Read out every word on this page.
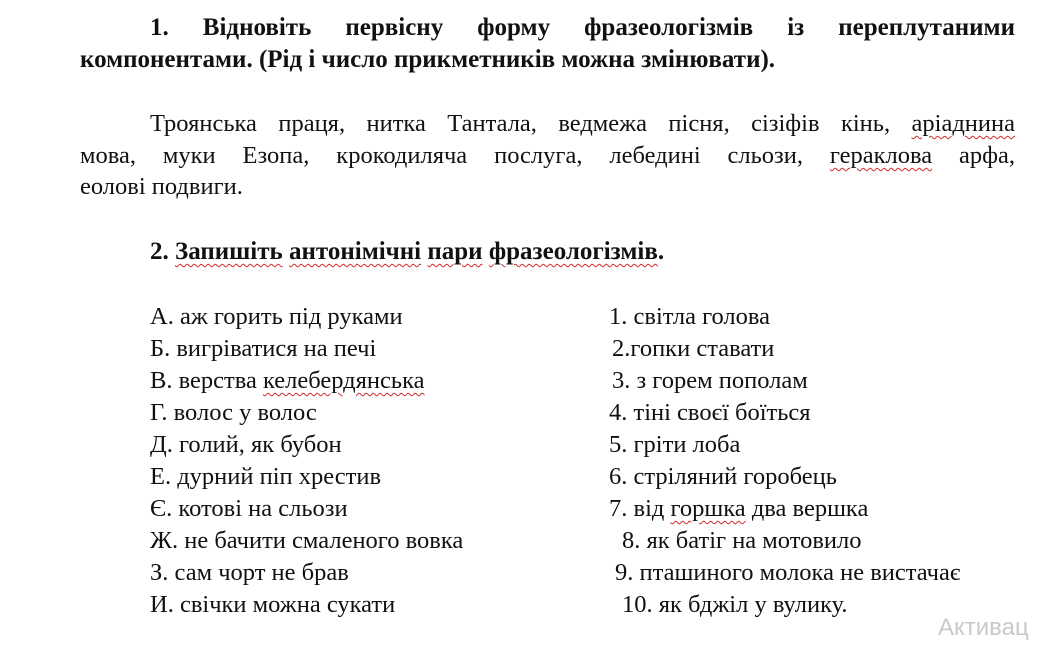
1. Відновіть первісну форму фразеологізмів із переплутаними
компонентами. (Рід і число прикметників можна змінювати).
Троянська праця, нитка Тантала, ведмежа пісня, сізіфів кінь, аріаднина
мова, муки Езопа, крокодиляча послуга, лебедині сльози, гераклова арфа,
еолові подвиги.
2. Запишіть антонімічні пари фразеологізмів.
А. аж горить під руками
Б. вигріватися на печі
В. верства келебердянська
Г. волос у волос
Д. голий, як бубон
Е. дурний піп хрестив
Є. котові на сльози
Ж. не бачити смаленого вовка
З. сам чорт не брав
И. свічки можна сукати
1. світла голова
2.гопки ставати
3. з горем пополам
4. тіні своєї боїться
5. гріти лоба
6. стріляний горобець
7. від горшка два вершка
8. як батіг на мотовило
9. пташиного молока не вистачає
10. як бджіл у вулику.
Активац
